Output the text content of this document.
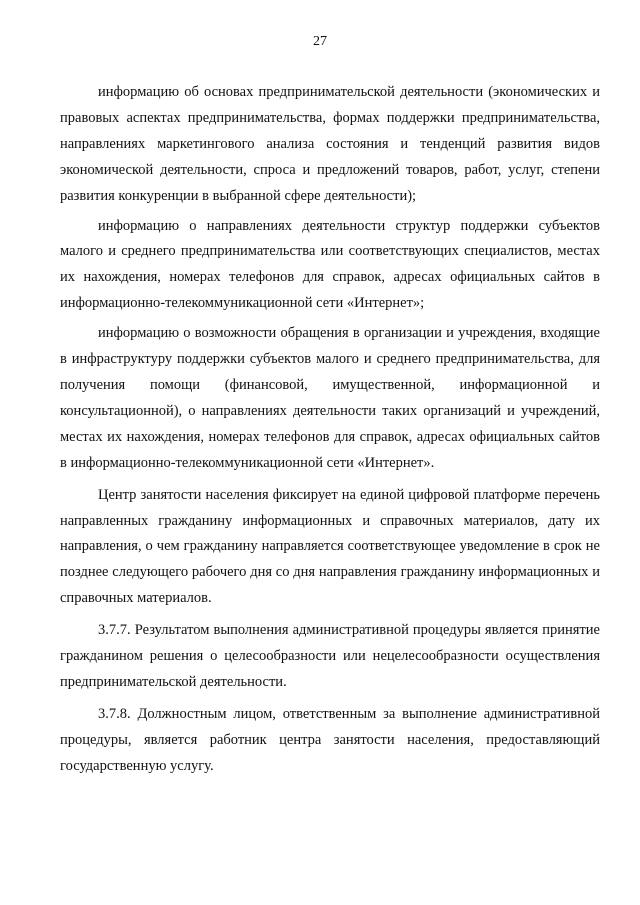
27

информацию об основах предпринимательской деятельности (экономических и правовых аспектах предпринимательства, формах поддержки предпринимательства, направлениях маркетингового анализа состояния и тенденций развития видов экономической деятельности, спроса и предложений товаров, работ, услуг, степени развития конкуренции в выбранной сфере деятельности);

информацию о направлениях деятельности структур поддержки субъектов малого и среднего предпринимательства или соответствующих специалистов, местах их нахождения, номерах телефонов для справок, адресах официальных сайтов в информационно-телекоммуникационной сети «Интернет»;

информацию о возможности обращения в организации и учреждения, входящие в инфраструктуру поддержки субъектов малого и среднего предпринимательства, для получения помощи (финансовой, имущественной, информационной и консультационной), о направлениях деятельности таких организаций и учреждений, местах их нахождения, номерах телефонов для справок, адресах официальных сайтов в информационно-телекоммуникационной сети «Интернет».

Центр занятости населения фиксирует на единой цифровой платформе перечень направленных гражданину информационных и справочных материалов, дату их направления, о чем гражданину направляется соответствующее уведомление в срок не позднее следующего рабочего дня со дня направления гражданину информационных и справочных материалов.

3.7.7. Результатом выполнения административной процедуры является принятие гражданином решения о целесообразности или нецелесообразности осуществления предпринимательской деятельности.

3.7.8. Должностным лицом, ответственным за выполнение административной процедуры, является работник центра занятости населения, предоставляющий государственную услугу.
